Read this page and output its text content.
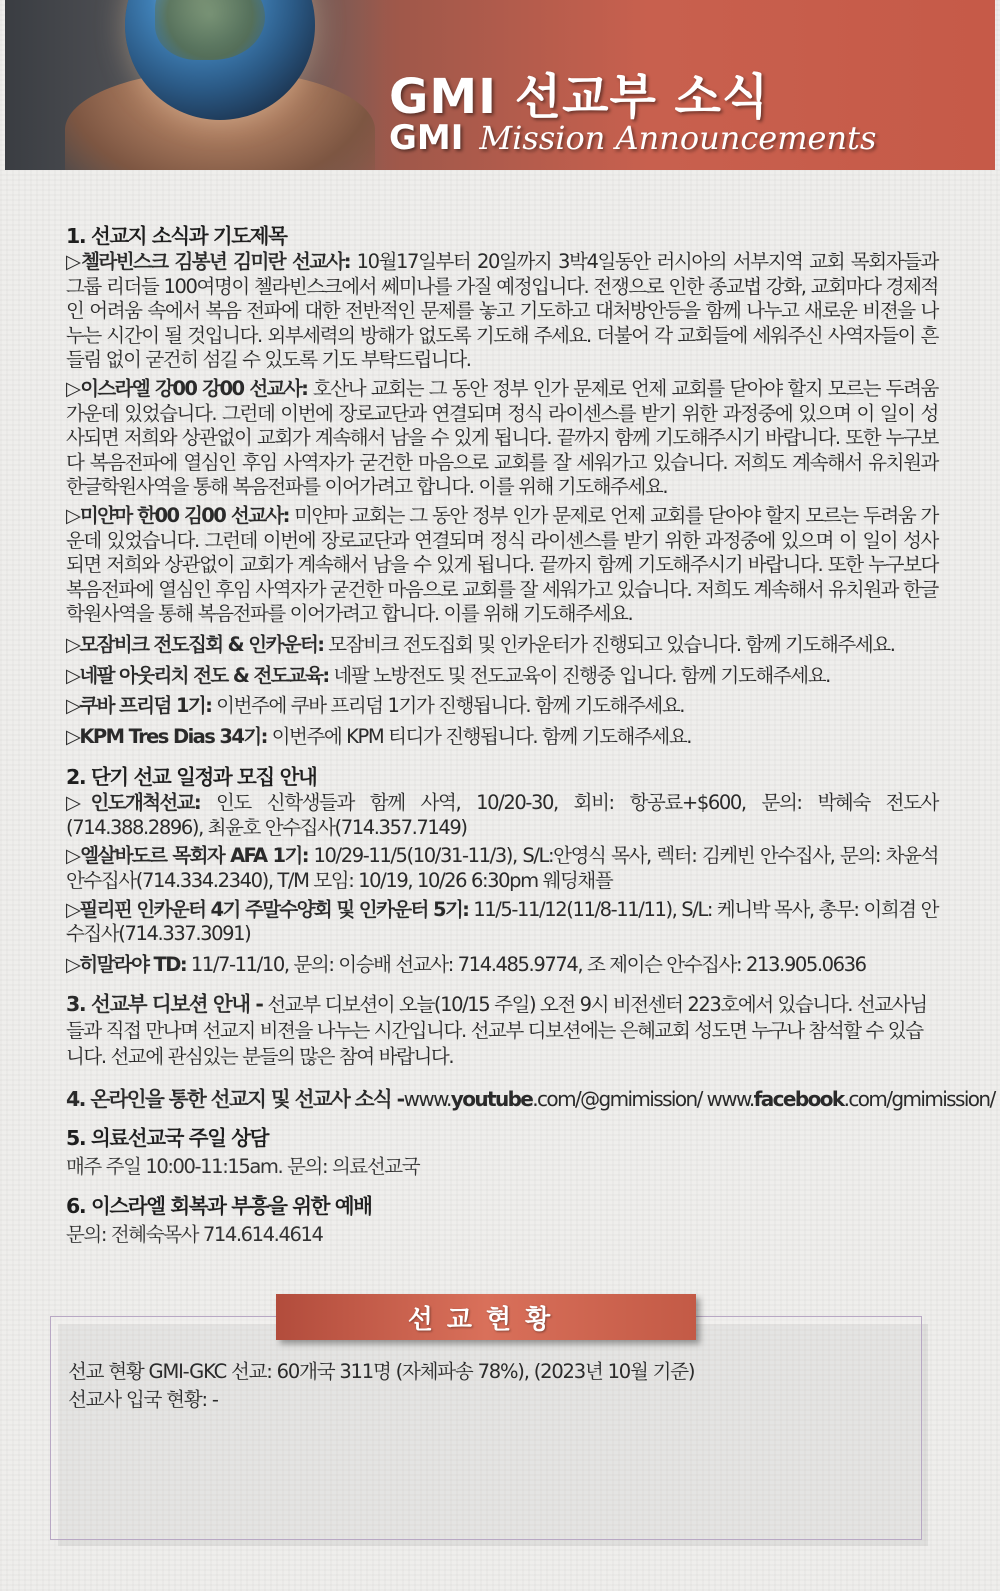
GMI 선교부 소식
GMI Mission Announcements
1. 선교지 소식과 기도제목
▷첼라빈스크 김봉년 김미란 선교사: 10월17일부터 20일까지 3박4일동안 러시아의 서부지역 교회 목회자들과 그룹 리더들 100여명이 첼라빈스크에서 쎄미나를 가질 예정입니다. 전쟁으로 인한 종교법 강화, 교회마다 경제적인 어려움 속에서 복음 전파에 대한 전반적인 문제를 놓고 기도하고 대처방안등을 함께 나누고 새로운 비젼을 나누는 시간이 될 것입니다. 외부세력의 방해가 없도록 기도해 주세요. 더불어 각 교회들에 세워주신 사역자들이 흔들림 없이 굳건히 섬길 수 있도록 기도 부탁드립니다.
▷이스라엘 강00 강00 선교사: 호산나 교회는 그 동안 정부 인가 문제로 언제 교회를 닫아야 할지 모르는 두려움 가운데 있었습니다. 그런데 이번에 장로교단과 연결되며 정식 라이센스를 받기 위한 과정중에 있으며 이 일이 성사되면 저희와 상관없이 교회가 계속해서 남을 수 있게 됩니다. 끝까지 함께 기도해주시기 바랍니다. 또한 누구보다 복음전파에 열심인 후임 사역자가 굳건한 마음으로 교회를 잘 세워가고 있습니다. 저희도 계속해서 유치원과 한글학원사역을 통해 복음전파를 이어가려고 합니다. 이를 위해 기도해주세요.
▷미얀마 한00 김00 선교사: 미얀마 교회는 그 동안 정부 인가 문제로 언제 교회를 닫아야 할지 모르는 두려움 가운데 있었습니다. 그런데 이번에 장로교단과 연결되며 정식 라이센스를 받기 위한 과정중에 있으며 이 일이 성사되면 저희와 상관없이 교회가 계속해서 남을 수 있게 됩니다. 끝까지 함께 기도해주시기 바랍니다. 또한 누구보다 복음전파에 열심인 후임 사역자가 굳건한 마음으로 교회를 잘 세워가고 있습니다. 저희도 계속해서 유치원과 한글학원사역을 통해 복음전파를 이어가려고 합니다. 이를 위해 기도해주세요.
▷모잠비크 전도집회 & 인카운터: 모잠비크 전도집회 및 인카운터가 진행되고 있습니다. 함께 기도해주세요.
▷네팔 아웃리치 전도 & 전도교육: 네팔 노방전도 및 전도교육이 진행중 입니다. 함께 기도해주세요.
▷쿠바 프리덤 1기: 이번주에 쿠바 프리덤 1기가 진행됩니다. 함께 기도해주세요.
▷KPM Tres Dias 34기: 이번주에 KPM 티디가 진행됩니다. 함께 기도해주세요.
2. 단기 선교 일정과 모집 안내
▷인도개척선교: 인도 신학생들과 함께 사역, 10/20-30, 회비: 항공료+$600, 문의: 박혜숙 전도사(714.388.2896), 최윤호 안수집사(714.357.7149)
▷엘살바도르 목회자 AFA 1기: 10/29-11/5(10/31-11/3), S/L:안영식 목사, 렉터: 김케빈 안수집사, 문의: 차윤석 안수집사(714.334.2340), T/M 모임: 10/19, 10/26 6:30pm 웨딩채플
▷필리핀 인카운터 4기 주말수양회 및 인카운터 5기: 11/5-11/12(11/8-11/11), S/L: 케니박 목사, 총무: 이희겸 안수집사(714.337.3091)
▷히말라야 TD: 11/7-11/10, 문의: 이승배 선교사: 714.485.9774, 조 제이슨 안수집사: 213.905.0636
3. 선교부 디보션 안내 - 선교부 디보션이 오늘(10/15 주일) 오전 9시 비전센터 223호에서 있습니다. 선교사님들과 직접 만나며 선교지 비젼을 나누는 시간입니다. 선교부 디보션에는 은혜교회 성도면 누구나 참석할 수 있습니다. 선교에 관심있는 분들의 많은 참여 바랍니다.
4. 온라인을 통한 선교지 및 선교사 소식 -www.youtube.com/@gmimission/ www.facebook.com/gmimission/
5. 의료선교국 주일 상담
매주 주일 10:00-11:15am. 문의: 의료선교국
6. 이스라엘 회복과 부흥을 위한 예배
문의: 전혜숙목사 714.614.4614
선교현황
선교 현황 GMI-GKC 선교: 60개국 311명 (자체파송 78%), (2023년 10월 기준)
선교사 입국 현황: -
